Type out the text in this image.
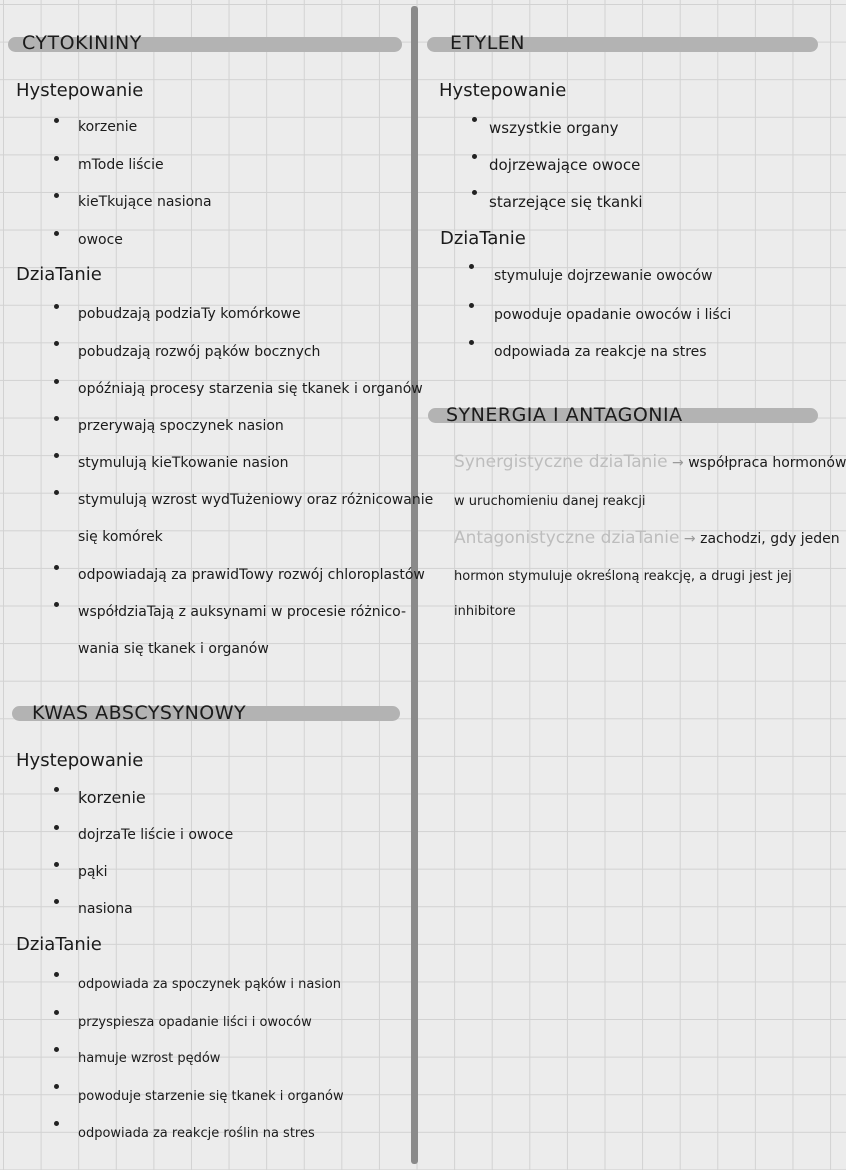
CYTOKININY
Hystepowanie
korzenie
mTode liście
kieTkujące nasiona
owoce
DziaTanie
pobudzają podziaTy komórkowe
pobudzają rozwój pąków bocznych
opóźniają procesy starzenia się tkanek i organów
przerywają spoczynek nasion
stymulują kieTkowanie nasion
stymulują wzrost wydTużeniowy oraz różnicowanie
się komórek
odpowiadają za prawidTowy rozwój chloroplastów
współdziaTają z auksynami w procesie różnico-
wania się tkanek i organów
KWAS ABSCYSYNOWY
Hystepowanie
korzenie
dojrzaTe liście i owoce
pąki
nasiona
DziaTanie
odpowiada za spoczynek pąków i nasion
przyspiesza opadanie liści i owoców
hamuje wzrost pędów
powoduje starzenie się tkanek i organów
odpowiada za reakcje roślin na stres
ETYLEN
Hystepowanie
wszystkie organy
dojrzewające owoce
starzejące się tkanki
DziaTanie
stymuluje dojrzewanie owoców
powoduje opadanie owoców i liści
odpowiada za reakcje na stres
SYNERGIA I ANTAGONIA
Synergistyczne dziaTanie → współpraca hormonów
w uruchomieniu danej reakcji
Antagonistyczne dziaTanie → zachodzi, gdy jeden
hormon stymuluje określoną reakcję, a drugi jest jej
inhibitore
